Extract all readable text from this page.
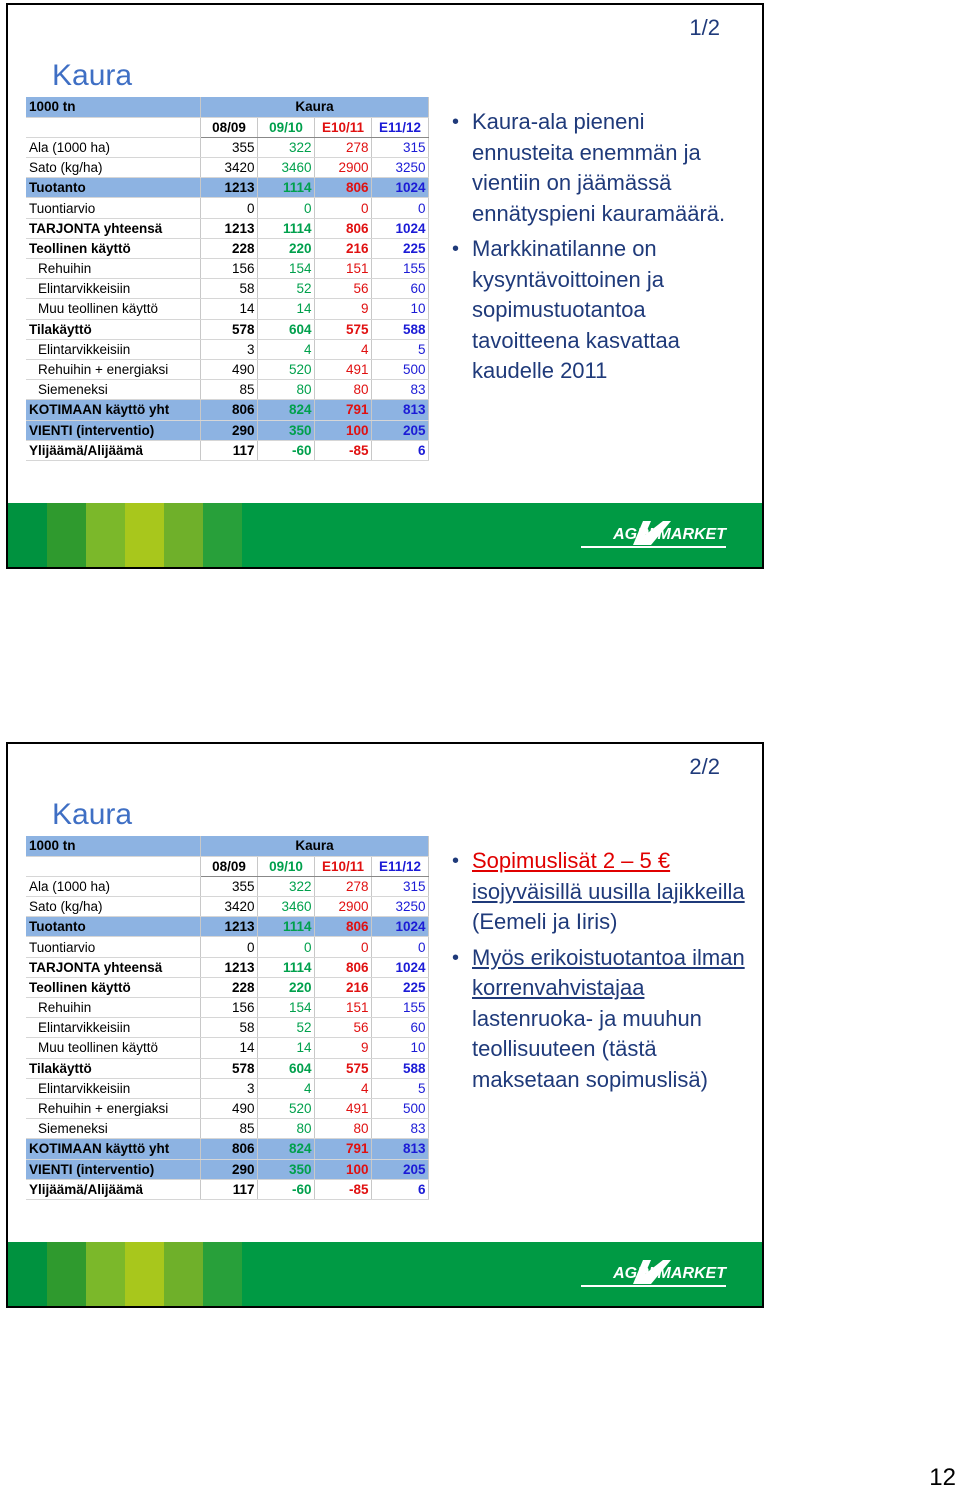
1/2
Kaura
1000 tn	Kaura			
	08/09	09/10	E10/11	E11/12
Ala (1000 ha)	355	322	278	315
Sato (kg/ha)	3420	3460	2900	3250
Tuotanto	1213	1114	806	1024
Tuontiarvio	0	0	0	0
TARJONTA yhteensä	1213	1114	806	1024
Teollinen käyttö	228	220	216	225
Rehuihin	156	154	151	155
Elintarvikkeisiin	58	52	56	60
Muu teollinen käyttö	14	14	9	10
Tilakäyttö	578	604	575	588
Elintarvikkeisiin	3	4	4	5
Rehuihin + energiaksi	490	520	491	500
Siemeneksi	85	80	80	83
KOTIMAAN käyttö yht	806	824	791	813
VIENTI (interventio)	290	350	100	205
Ylijäämä/Alijäämä	117	-60	-85	6
• Kaura-ala pieneni ennusteita enemmän ja vientiin on jäämässä ennätyspieni kauramäärä.
• Markkinatilanne on kysyntävoittoinen ja sopimustuotantoa tavoitteena kasvattaa kaudelle 2011
AGRI MARKET
2/2
Kaura
1000 tn	Kaura			
	08/09	09/10	E10/11	E11/12
Ala (1000 ha)	355	322	278	315
Sato (kg/ha)	3420	3460	2900	3250
Tuotanto	1213	1114	806	1024
Tuontiarvio	0	0	0	0
TARJONTA yhteensä	1213	1114	806	1024
Teollinen käyttö	228	220	216	225
Rehuihin	156	154	151	155
Elintarvikkeisiin	58	52	56	60
Muu teollinen käyttö	14	14	9	10
Tilakäyttö	578	604	575	588
Elintarvikkeisiin	3	4	4	5
Rehuihin + energiaksi	490	520	491	500
Siemeneksi	85	80	80	83
KOTIMAAN käyttö yht	806	824	791	813
VIENTI (interventio)	290	350	100	205
Ylijäämä/Alijäämä	117	-60	-85	6
• Sopimuslisät 2 – 5 € isojyväisillä uusilla lajikkeilla (Eemeli ja Iiris)
• Myös erikoistuotantoa ilman korrenvahvistajaa lastenruoka- ja muuhun teollisuuteen (tästä maksetaan sopimuslisä)
AGRI MARKET
12
